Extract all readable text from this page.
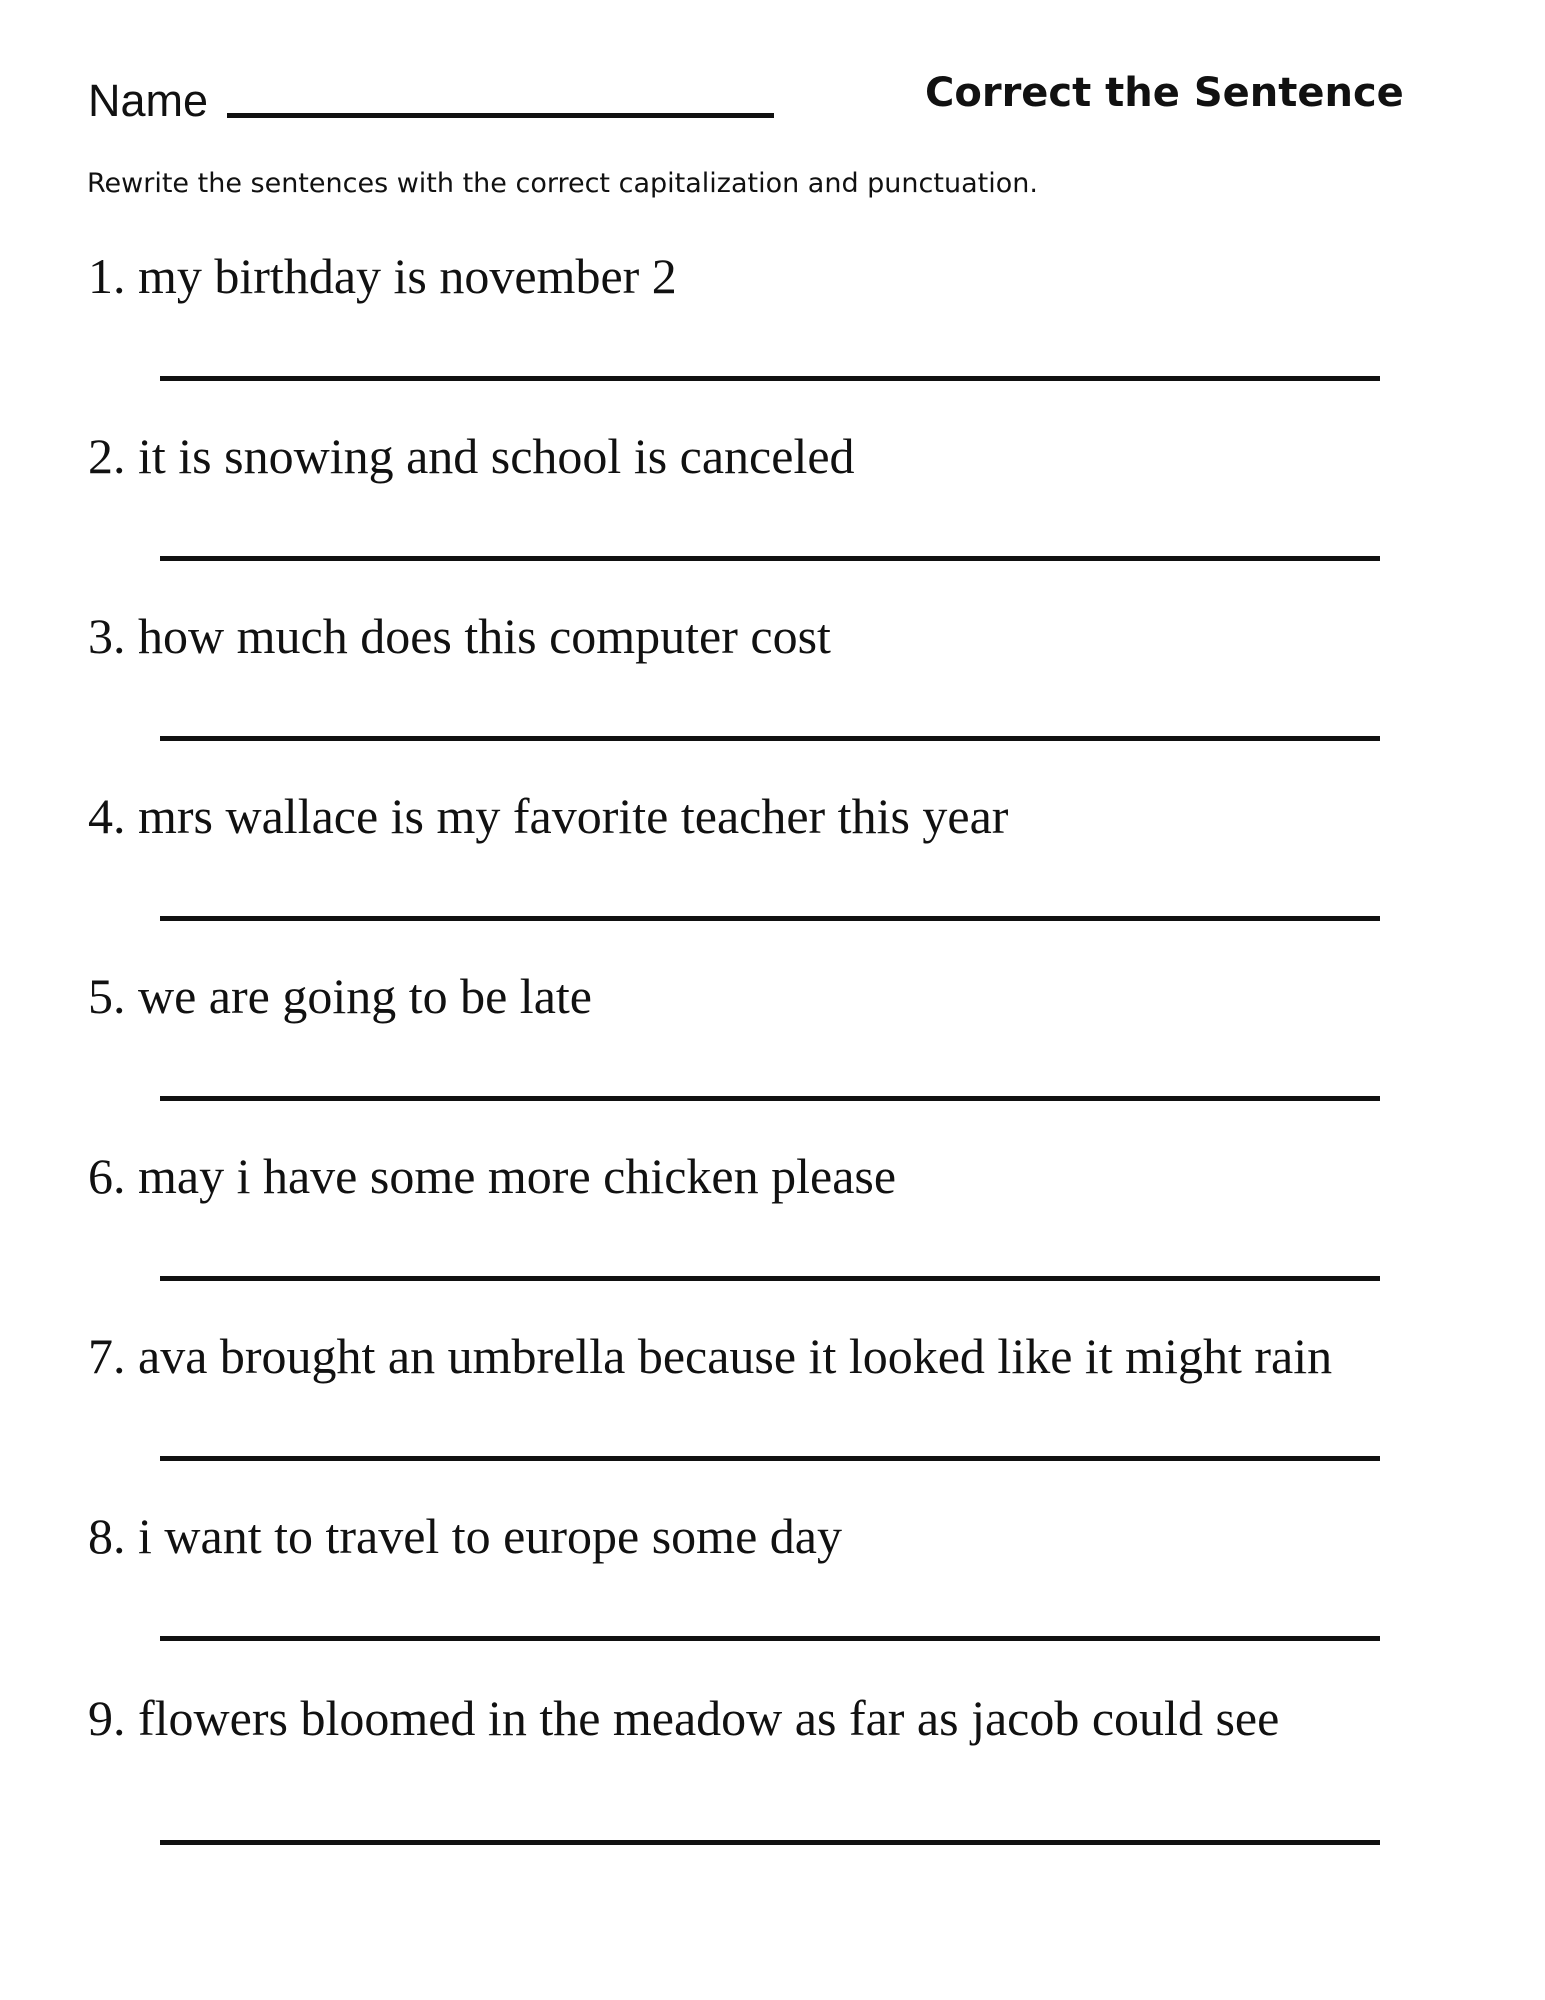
Name	Correct the Sentence
Rewrite the sentences with the correct capitalization and punctuation.
1. my birthday is november 2
2. it is snowing and school is canceled
3. how much does this computer cost
4. mrs wallace is my favorite teacher this year
5. we are going to be late
6. may i have some more chicken please
7. ava brought an umbrella because it looked like it might rain
8. i want to travel to europe some day
9. flowers bloomed in the meadow as far as jacob could see
